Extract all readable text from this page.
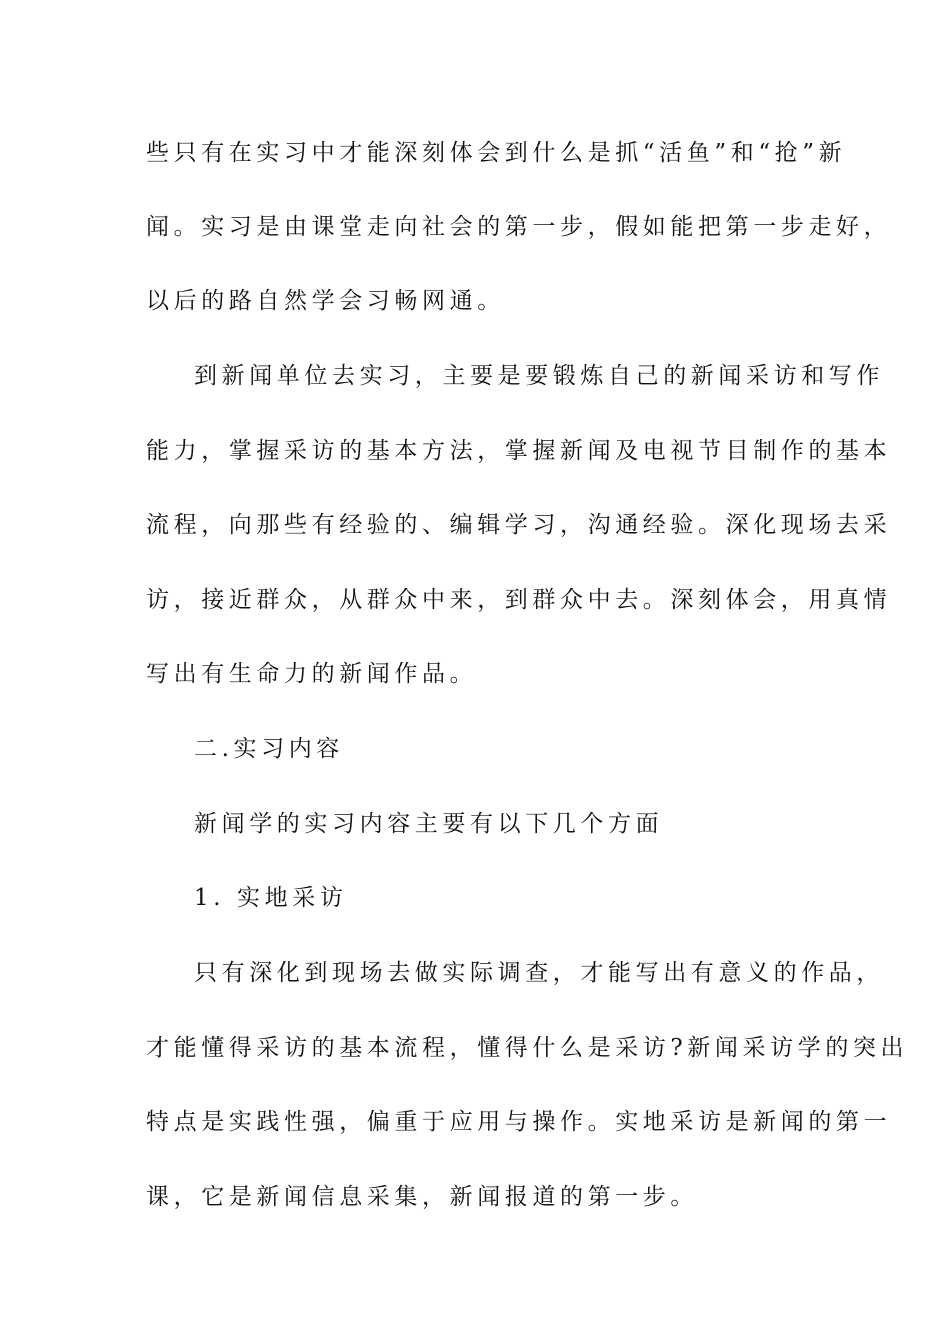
些只有在实习中才能深刻体会到什么是抓“活鱼”和“抢”新
闻。实习是由课堂走向社会的第一步，假如能把第一步走好，
以后的路自然学会习畅网通。
到新闻单位去实习，主要是要锻炼自己的新闻采访和写作
能力，掌握采访的基本方法，掌握新闻及电视节目制作的基本
流程，向那些有经验的、编辑学习，沟通经验。深化现场去采
访，接近群众，从群众中来，到群众中去。深刻体会，用真情
写出有生命力的新闻作品。
二.实习内容
新闻学的实习内容主要有以下几个方面
1. 实地采访
只有深化到现场去做实际调查，才能写出有意义的作品，
才能懂得采访的基本流程，懂得什么是采访?新闻采访学的突出
特点是实践性强，偏重于应用与操作。实地采访是新闻的第一
课，它是新闻信息采集，新闻报道的第一步。
